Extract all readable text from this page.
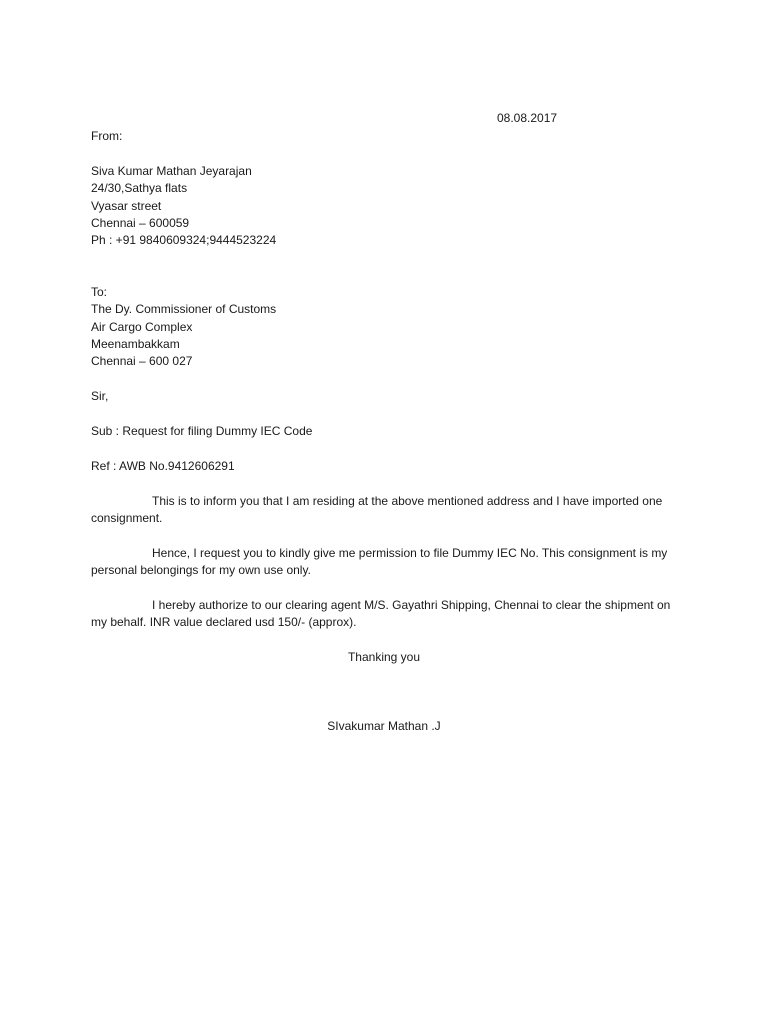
08.08.2017
From:
Siva Kumar Mathan Jeyarajan
24/30,Sathya flats
Vyasar street
Chennai – 600059
Ph : +91 9840609324;9444523224
To:
The Dy. Commissioner of Customs
Air Cargo Complex
Meenambakkam
Chennai – 600 027
Sir,
Sub : Request for filing Dummy IEC Code
Ref : AWB No.9412606291
This is to inform you that I am residing at the above mentioned address and I have imported one consignment.
Hence, I request you to kindly give me permission to file Dummy IEC No. This consignment is my personal belongings for my own use only.
I hereby authorize to our clearing agent M/S. Gayathri Shipping, Chennai to clear the shipment on my behalf. INR value declared usd 150/- (approx).
Thanking you
SIvakumar Mathan .J
